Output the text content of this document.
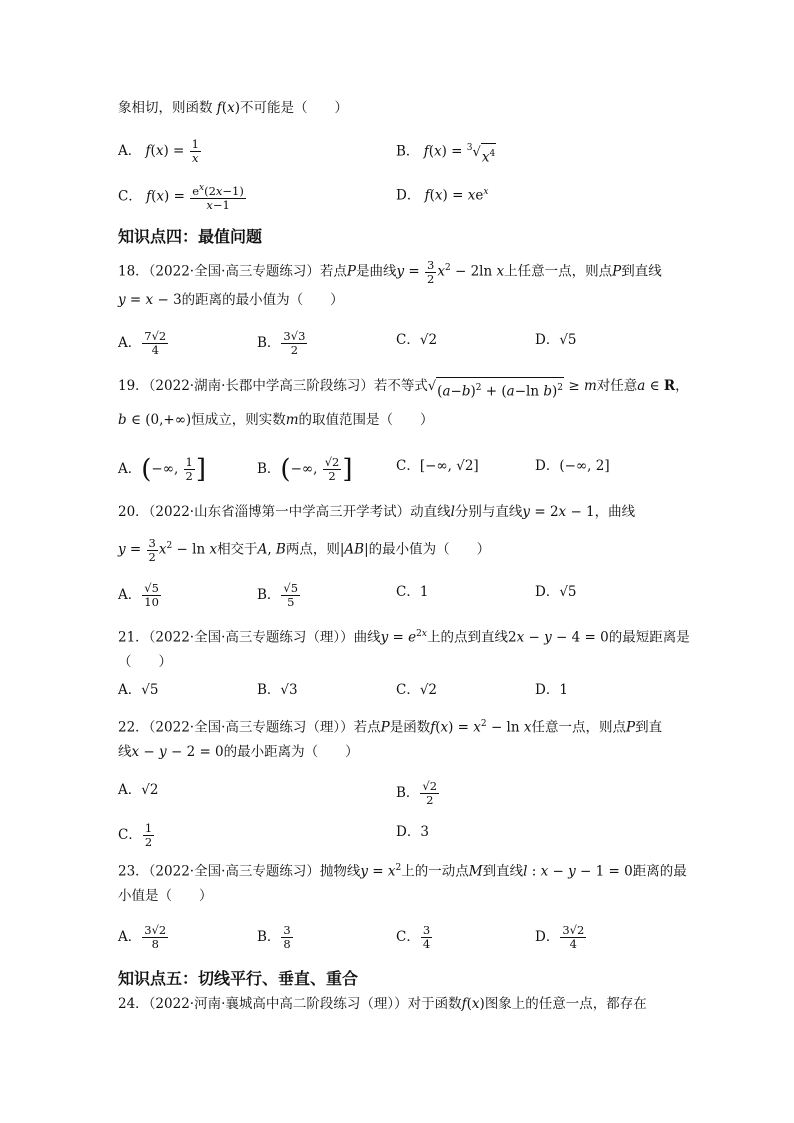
象相切，则函数 f(x)不可能是（　　）
A． $f(x) = \frac{1}{x}$	B． f(x) = $^3$ √ $x^4$
C． $f(x) = \frac{e^x(2x-1)}{x-1}$	D． $f(x) = xe^x$
知识点四：最值问题
18．（2022·全国·高三专题练习）若点P是曲线$y = \frac{3}{2} x^2 - 2\ln$ x上任意一点，则点P到直线
y = x − 3的距离的最小值为（　　）
A． $\frac{7√2}{4}$	B． $\frac{3√3}{2}$	C．√2	D．√5
19．（2022·湖南·长郡中学高三阶段练习）若不等式 √ $(a-b)^2 + (a-\ln$ b)$^2$ ≥ m对任意a ∈ R，
b ∈ (0,+∞)恒成立，则实数m的取值范围是（　　）
A．(−∞, $\frac{1}{2}$ ]	B．(−∞, $\frac{√2}{2}$ ]	C．[−∞, √2]	D．(−∞, 2]
20．（2022·山东省淄博第一中学高三开学考试）动直线l分别与直线y = 2x − 1，曲线
$y = \frac{3}{2} x^2 - \ln x$相交于A, B两点，则|AB|的最小值为（　　）
A． $\frac{√5}{10}$	B． $\frac{√5}{5}$	C．1	D．√5
21．（2022·全国·高三专题练习（理））曲线$y = e^{2x}$上的点到直线2x − y − 4 = 0的最短距离是
（　　）
A．√5	B．√3	C．√2	D．1
22．（2022·全国·高三专题练习（理））若点P是函数$f(x) = x^2 - \ln x$任意一点，则点P到直
线x − y − 2 = 0的最小距离为（　　）
A．√2	B． $\frac{√2}{2}$
C． $\frac{1}{2}$	D．3
23．（2022·全国·高三专题练习）抛物线$y = x^2$上的一动点M到直线l : x − y − 1 = 0距离的最
小值是（　　）
A． $\frac{3√2}{8}$	B． $\frac{3}{8}$	C． $\frac{3}{4}$	D． $\frac{3√2}{4}$
知识点五：切线平行、垂直、重合
24．（2022·河南·襄城高中高二阶段练习（理））对于函数f(x)图象上的任意一点，都存在
